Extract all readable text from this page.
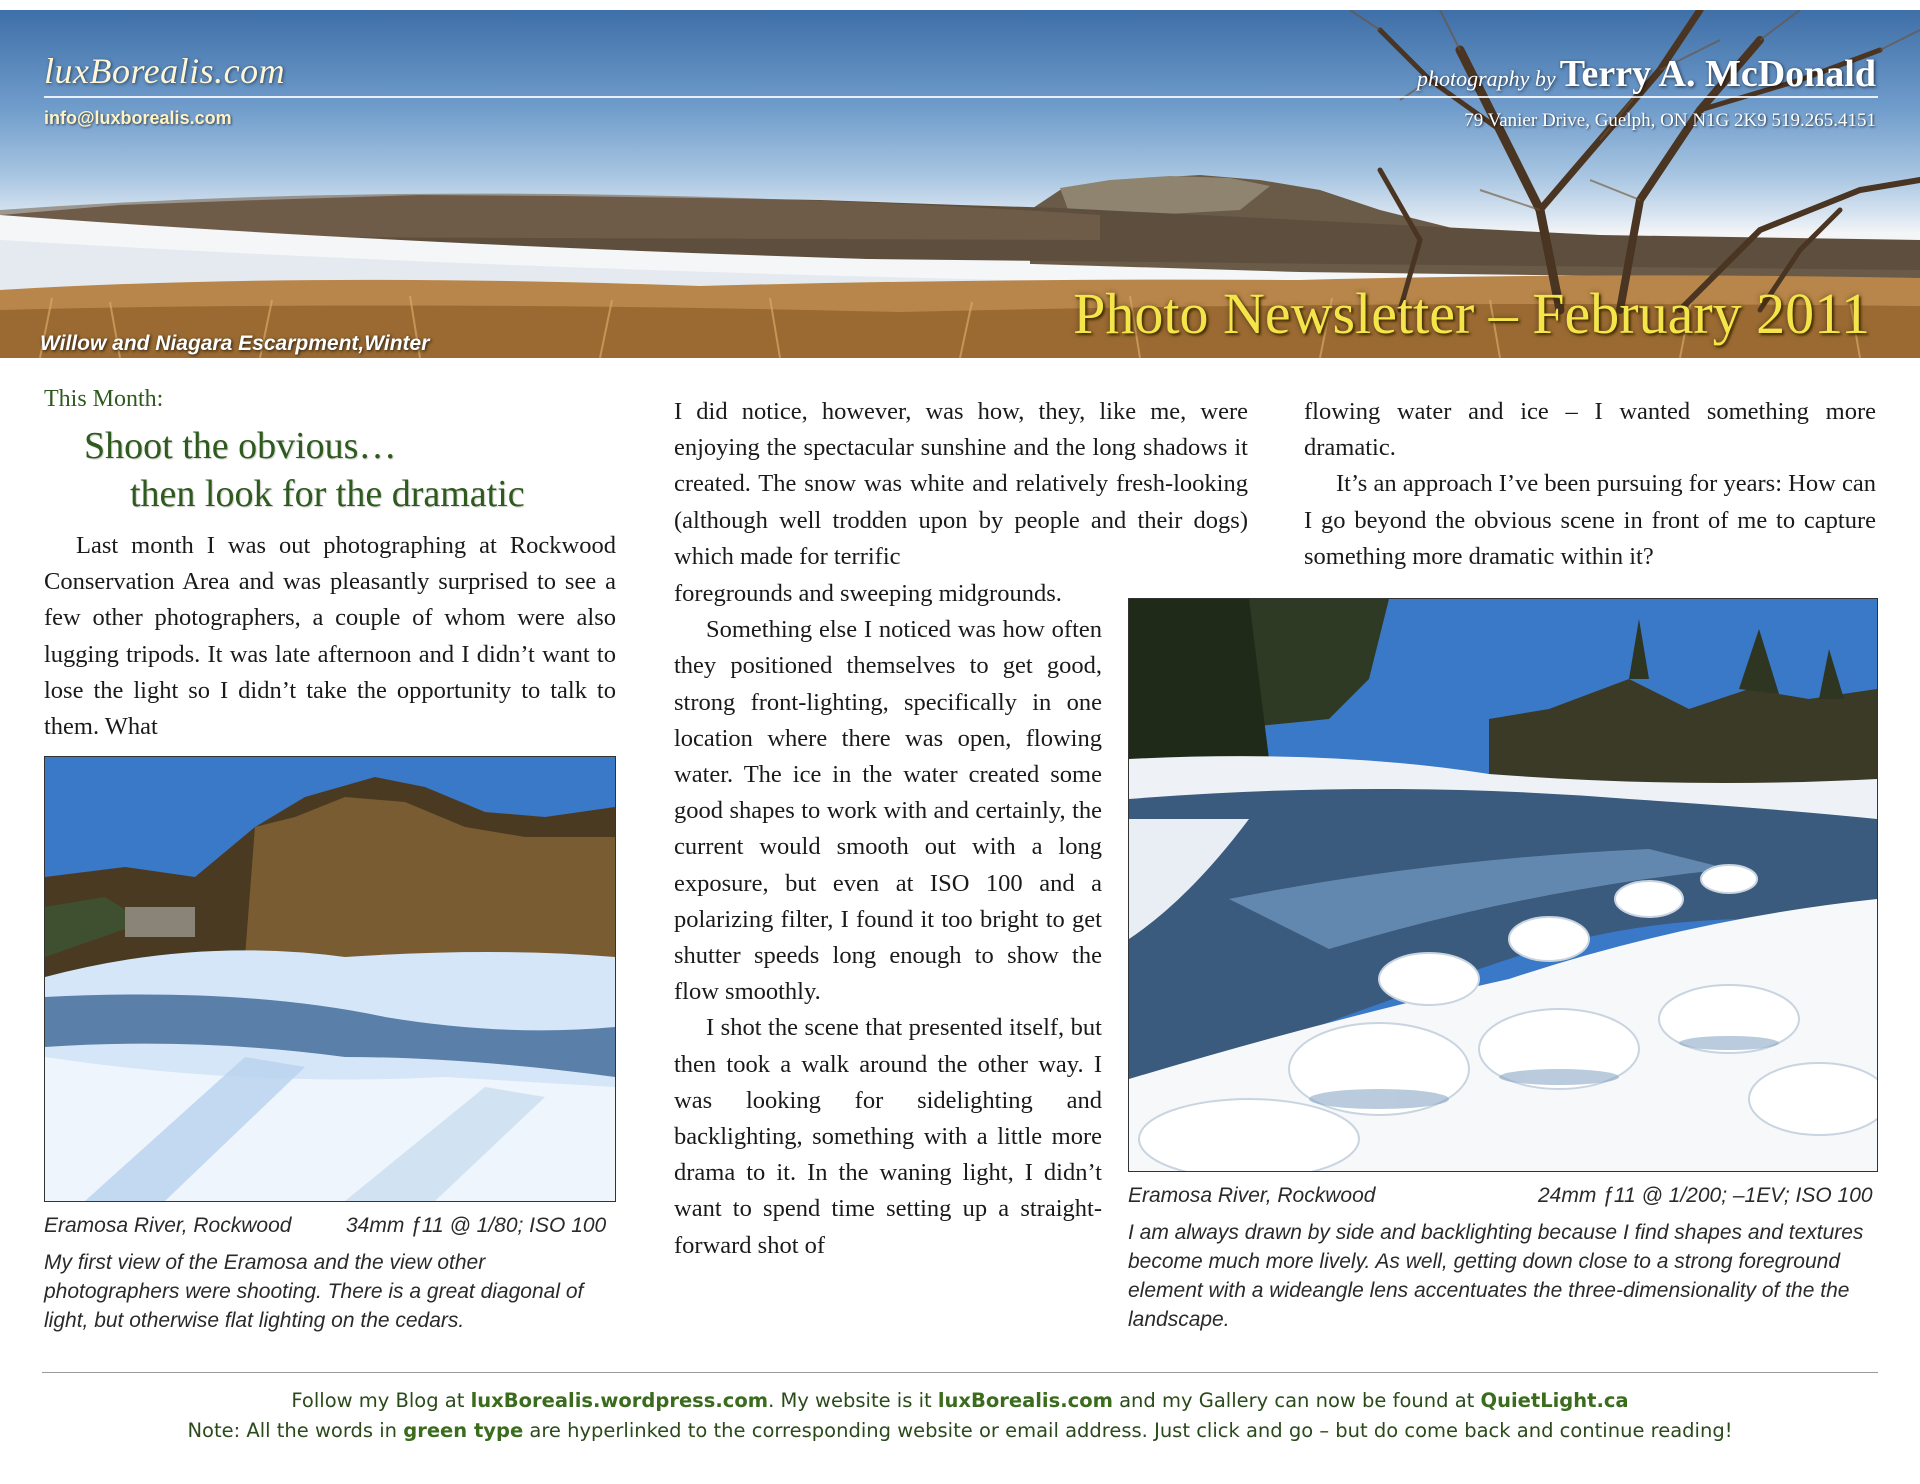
luxBorealis.com
info@luxborealis.com
photography by Terry A. McDonald
79 Vanier Drive, Guelph, ON N1G 2K9 519.265.4151
Photo Newsletter – February 2011
Willow and Niagara Escarpment,Winter
This Month:
Shoot the obvious…
then look for the dramatic

Last month I was out photographing at Rockwood Conservation Area and was pleasantly surprised to see a few other photographers, a couple of whom were also lugging tripods. It was late afternoon and I didn’t want to lose the light so I didn’t take the opportunity to talk to them. What

Eramosa River, Rockwood	34mm ƒ11 @ 1/80; ISO 100
My first view of the Eramosa and the view other photographers were shooting. There is a great diagonal of light, but otherwise flat lighting on the cedars.

I did notice, however, was how, they, like me, were enjoying the spectacular sunshine and the long shadows it created. The snow was white and relatively fresh-looking (although well trodden upon by people and their dogs) which made for terrific

foregrounds and sweeping midgrounds.

Something else I noticed was how often they positioned themselves to get good, strong front-lighting, specifically in one location where there was open, flowing water. The ice in the water created some good shapes to work with and certainly, the current would smooth out with a long exposure, but even at ISO 100 and a polarizing filter, I found it too bright to get shutter speeds long enough to show the flow smoothly.

I shot the scene that presented itself, but then took a walk around the other way. I was looking for sidelighting and backlighting, something with a little more drama to it. In the waning light, I didn’t want to spend time setting up a straight-forward shot of

flowing water and ice – I wanted something more dramatic.

It’s an approach I’ve been pursuing for years: How can I go beyond the obvious scene in front of me to capture something more dramatic within it?

Eramosa River, Rockwood	24mm ƒ11 @ 1/200; –1EV; ISO 100
I am always drawn by side and backlighting because I find shapes and textures become much more lively. As well, getting down close to a strong foreground element with a wideangle lens accentuates the three-dimensionality of the the landscape.
Follow my Blog at luxBorealis.wordpress.com. My website is it luxBorealis.com and my Gallery can now be found at QuietLight.ca
Note: All the words in green type are hyperlinked to the corresponding website or email address. Just click and go – but do come back and continue reading!
